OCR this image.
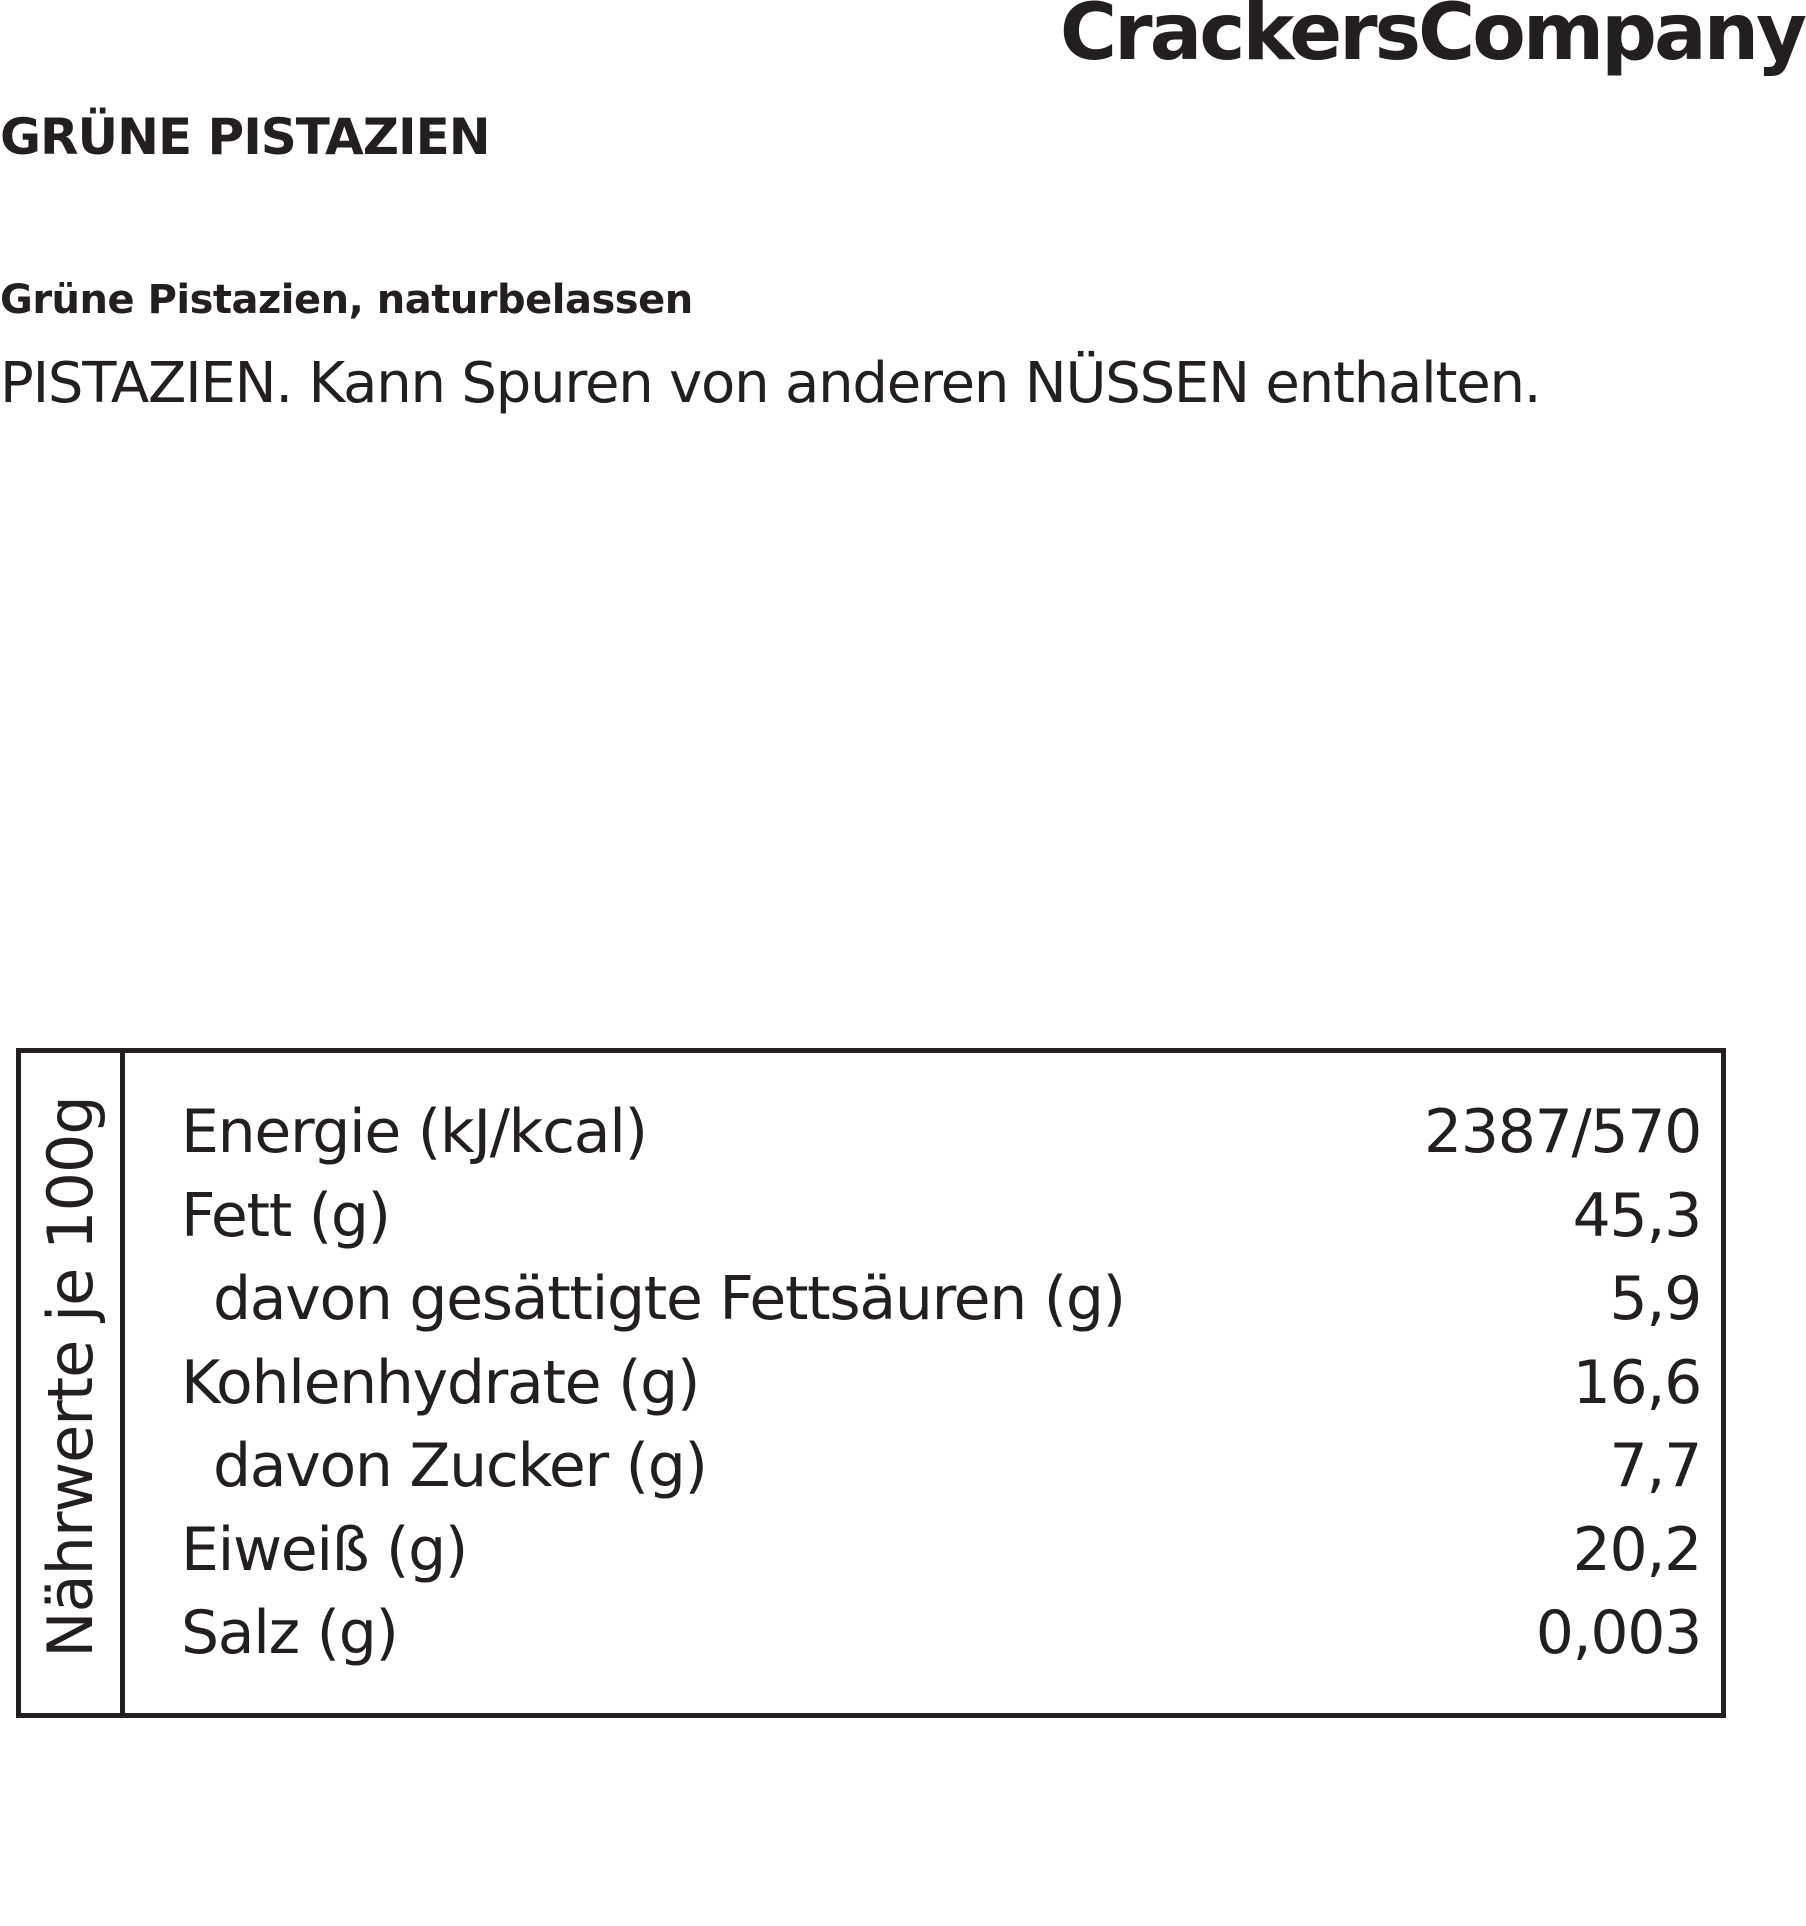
CrackersCompany
GRÜNE PISTAZIEN
Grüne Pistazien, naturbelassen
PISTAZIEN. Kann Spuren von anderen NÜSSEN enthalten.
Nährwerte je 100g Energie (kJ/kcal)	2387/570
Fett (g)	45,3
davon gesättigte Fettsäuren (g)	5,9
Kohlenhydrate (g)	16,6
davon Zucker (g)	7,7
Eiweiß (g)	20,2
Salz (g)	0,003
